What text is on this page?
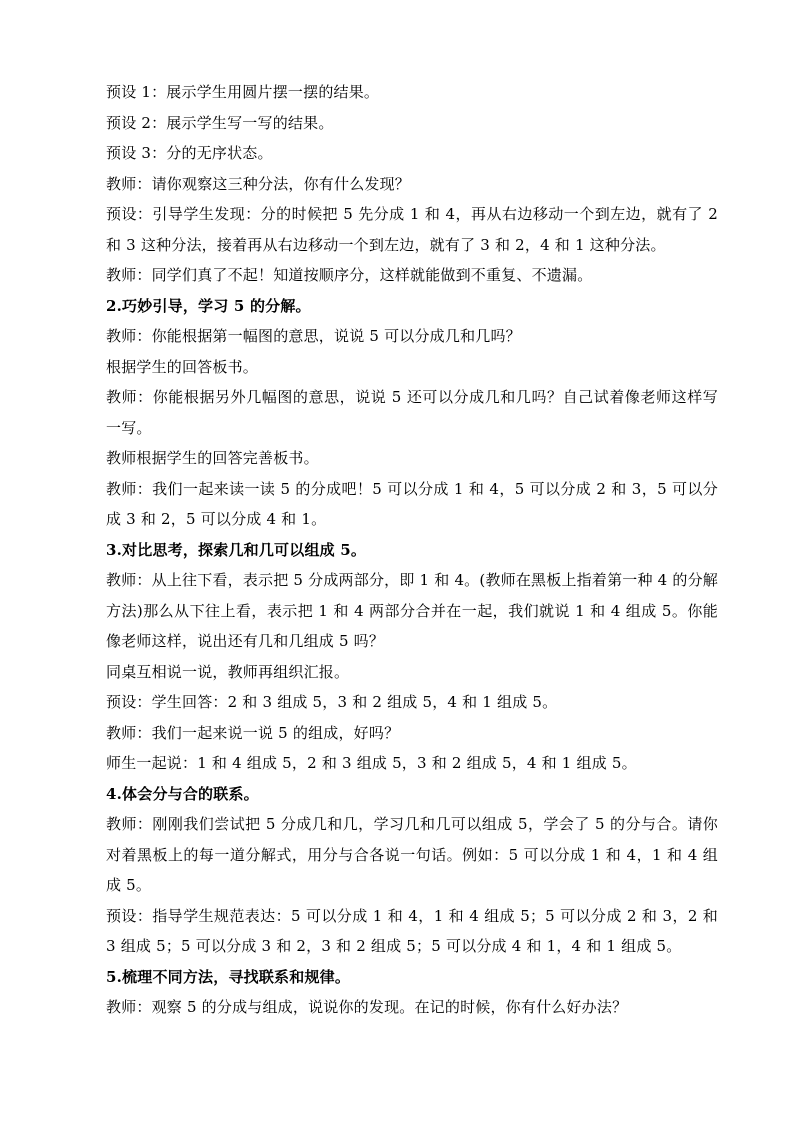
预设 1：展示学生用圆片摆一摆的结果。

预设 2：展示学生写一写的结果。

预设 3：分的无序状态。

教师：请你观察这三种分法，你有什么发现？

预设：引导学生发现：分的时候把 5 先分成 1 和 4，再从右边移动一个到左边，就有了 2 和 3 这种分法，接着再从右边移动一个到左边，就有了 3 和 2，4 和 1 这种分法。

教师：同学们真了不起！知道按顺序分，这样就能做到不重复、不遗漏。

2.巧妙引导，学习 5 的分解。

教师：你能根据第一幅图的意思，说说 5 可以分成几和几吗？

根据学生的回答板书。

教师：你能根据另外几幅图的意思，说说 5 还可以分成几和几吗？自己试着像老师这样写一写。

教师根据学生的回答完善板书。

教师：我们一起来读一读 5 的分成吧！5 可以分成 1 和 4，5 可以分成 2 和 3，5 可以分成 3 和 2，5 可以分成 4 和 1。

3.对比思考，探索几和几可以组成 5。

教师：从上往下看，表示把 5 分成两部分，即 1 和 4。(教师在黑板上指着第一种 4 的分解方法)那么从下往上看，表示把 1 和 4 两部分合并在一起，我们就说 1 和 4 组成 5。你能像老师这样，说出还有几和几组成 5 吗？

同桌互相说一说，教师再组织汇报。

预设：学生回答：2 和 3 组成 5，3 和 2 组成 5，4 和 1 组成 5。

教师：我们一起来说一说 5 的组成，好吗？

师生一起说：1 和 4 组成 5，2 和 3 组成 5，3 和 2 组成 5，4 和 1 组成 5。

4.体会分与合的联系。

教师：刚刚我们尝试把 5 分成几和几，学习几和几可以组成 5，学会了 5 的分与合。请你对着黑板上的每一道分解式，用分与合各说一句话。例如：5 可以分成 1 和 4，1 和 4 组成 5。

预设：指导学生规范表达：5 可以分成 1 和 4，1 和 4 组成 5；5 可以分成 2 和 3，2 和 3 组成 5；5 可以分成 3 和 2，3 和 2 组成 5；5 可以分成 4 和 1，4 和 1 组成 5。

5.梳理不同方法，寻找联系和规律。

教师：观察 5 的分成与组成，说说你的发现。在记的时候，你有什么好办法？
